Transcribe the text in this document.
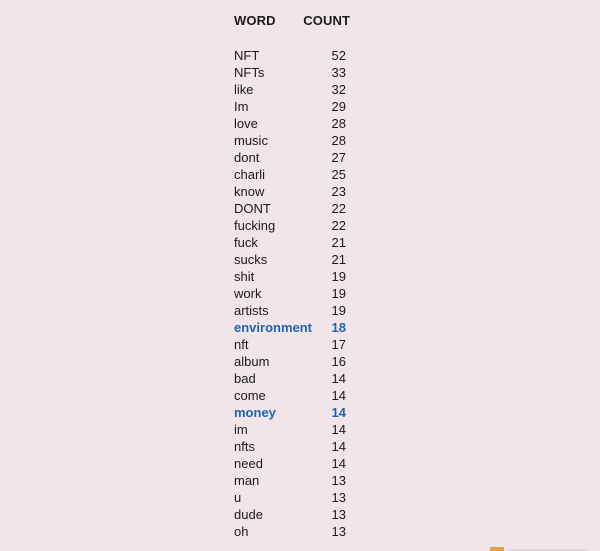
WORD COUNT
NFT	52
NFTs	33
like	32
Im	29
love	28
music	28
dont	27
charli	25
know	23
DONT	22
fucking	22
fuck	21
sucks	21
shit	19
work	19
artists	19
environment 18
nft	17
album	16
bad	14
come	14
money	14
im	14
nfts	14
need	14
man	13
u	13
dude	13
oh	13
